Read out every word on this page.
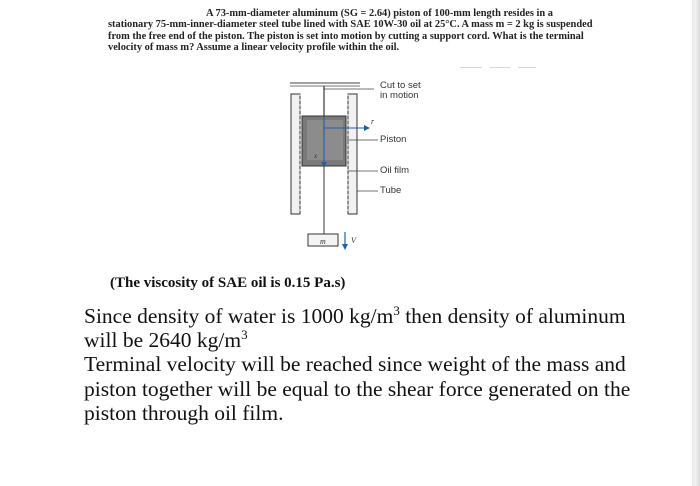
A 73-mm-diameter aluminum (SG = 2.64) piston of 100-mm length resides in a
stationary 75-mm-inner-diameter steel tube lined with SAE 10W-30 oil at 25°C. A mass m = 2 kg is suspended from the free end of the piston. The piston is set into motion by cutting a support cord. What is the terminal velocity of mass m? Assume a linear velocity profile within the oil.
r
x
m	V
Cut to set
in motion
Piston
Oil film
Tube
(The viscosity of SAE oil is 0.15 Pa.s)

Since density of water is 1000 $kg/m^3$ then density of aluminum will be 2640 $kg/m^3$

Terminal velocity will be reached since weight of the mass and piston together will be equal to the shear force generated on the piston through oil film.
